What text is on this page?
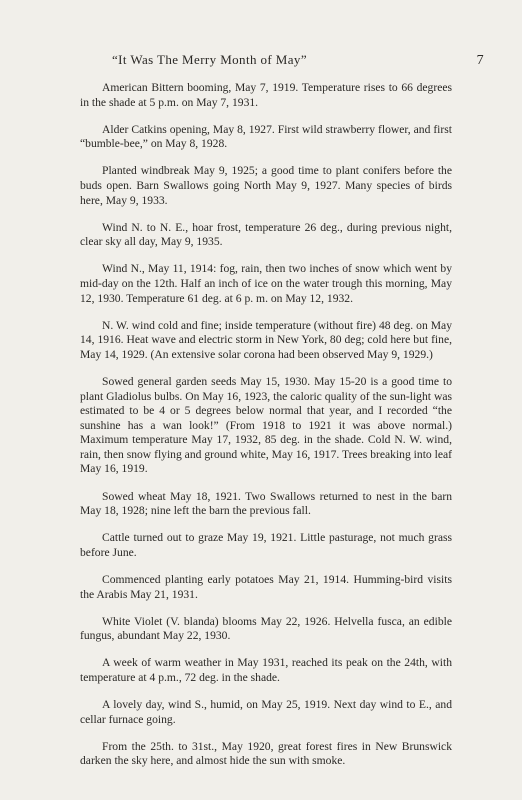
“It Was The Merry Month of May”	7

American Bittern booming, May 7, 1919. Temperature rises to 66 degrees in the shade at 5 p.m. on May 7, 1931.

Alder Catkins opening, May 8, 1927. First wild strawberry flower, and first “bumble-bee,” on May 8, 1928.

Planted windbreak May 9, 1925; a good time to plant conifers before the buds open. Barn Swallows going North May 9, 1927. Many species of birds here, May 9, 1933.

Wind N. to N. E., hoar frost, temperature 26 deg., during previous night, clear sky all day, May 9, 1935.

Wind N., May 11, 1914: fog, rain, then two inches of snow which went by mid-day on the 12th. Half an inch of ice on the water trough this morning, May 12, 1930. Temperature 61 deg. at 6 p. m. on May 12, 1932.

N. W. wind cold and fine; inside temperature (without fire) 48 deg. on May 14, 1916. Heat wave and electric storm in New York, 80 deg; cold here but fine, May 14, 1929. (An extensive solar corona had been observed May 9, 1929.)

Sowed general garden seeds May 15, 1930. May 15-20 is a good time to plant Gladiolus bulbs. On May 16, 1923, the caloric quality of the sun-light was estimated to be 4 or 5 degrees below normal that year, and I recorded “the sunshine has a wan look!” (From 1918 to 1921 it was above normal.) Maximum temperature May 17, 1932, 85 deg. in the shade. Cold N. W. wind, rain, then snow flying and ground white, May 16, 1917. Trees breaking into leaf May 16, 1919.

Sowed wheat May 18, 1921. Two Swallows returned to nest in the barn May 18, 1928; nine left the barn the previous fall.

Cattle turned out to graze May 19, 1921. Little pasturage, not much grass before June.

Commenced planting early potatoes May 21, 1914. Humming-bird visits the Arabis May 21, 1931.

White Violet (V. blanda) blooms May 22, 1926. Helvella fusca, an edible fungus, abundant May 22, 1930.

A week of warm weather in May 1931, reached its peak on the 24th, with temperature at 4 p.m., 72 deg. in the shade.

A lovely day, wind S., humid, on May 25, 1919. Next day wind to E., and cellar furnace going.

From the 25th. to 31st., May 1920, great forest fires in New Brunswick darken the sky here, and almost hide the sun with smoke.
